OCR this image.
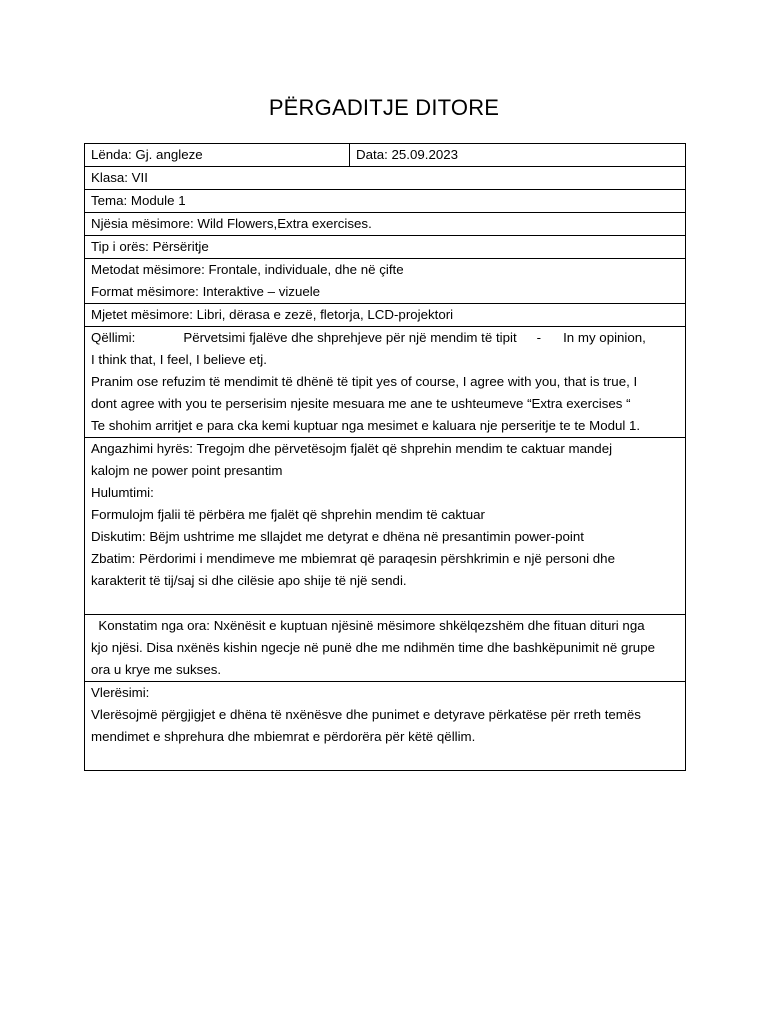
PËRGADITJE DITORE
Lënda: Gj. angleze	Data: 25.09.2023
Klasa: VII
Tema: Module 1
Njësia mësimore: Wild Flowers,Extra exercises.
Tip i orës: Përsëritje

Metodat mësimore: Frontale, individuale, dhe në çifte
Format mësimore: Interaktive – vizuele

Mjetet mësimore: Libri, dërasa e zezë, fletorja, LCD-projektori

Qëllimi:	Përvetsimi fjalëve dhe shprehjeve për një mendim të tipit - In my opinion,
I think that, I feel, I believe etj.
Pranim ose refuzim të mendimit të dhënë të tipit yes of course, I agree with you, that is true, I
dont agree with you te perserisim njesite mesuara me ane te ushteumeve “Extra exercises “
Te shohim arritjet e para cka kemi kuptuar nga mesimet e kaluara nje perseritje te te Modul 1.

Angazhimi hyrës: Tregojm dhe përvetësojm fjalët që shprehin mendim te caktuar mandej
kalojm ne power point presantim
Hulumtimi:
Formulojm fjalii të përbëra me fjalët që shprehin mendim të caktuar
Diskutim: Bëjm ushtrime me sllajdet me detyrat e dhëna në presantimin power-point
Zbatim: Përdorimi i mendimeve me mbiemrat që paraqesin përshkrimin e një personi dhe
karakterit të tij/saj si dhe cilësie apo shije të një sendi.

Konstatim nga ora: Nxënësit e kuptuan njësinë mësimore shkëlqezshëm dhe fituan dituri nga
kjo njësi. Disa nxënës kishin ngecje në punë dhe me ndihmën time dhe bashkëpunimit në grupe
ora u krye me sukses.

Vlerësimi:
Vlerësojmë përgjigjet e dhëna të nxënësve dhe punimet e detyrave përkatëse për rreth temës
mendimet e shprehura dhe mbiemrat e përdorëra për këtë qëllim.
